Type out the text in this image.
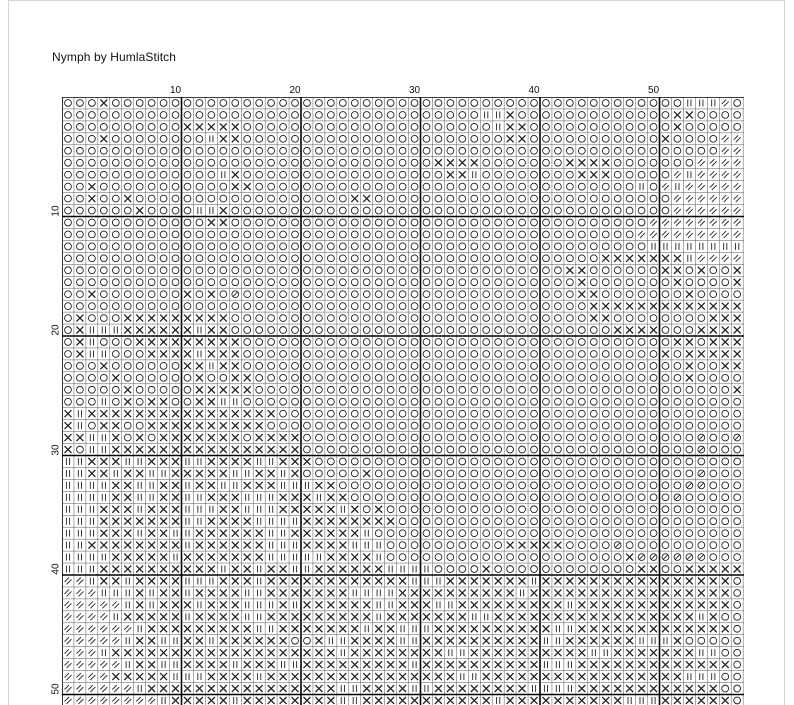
Nymph by HumlaStitch
10	20	30	40	50
10
20
30
40
50
